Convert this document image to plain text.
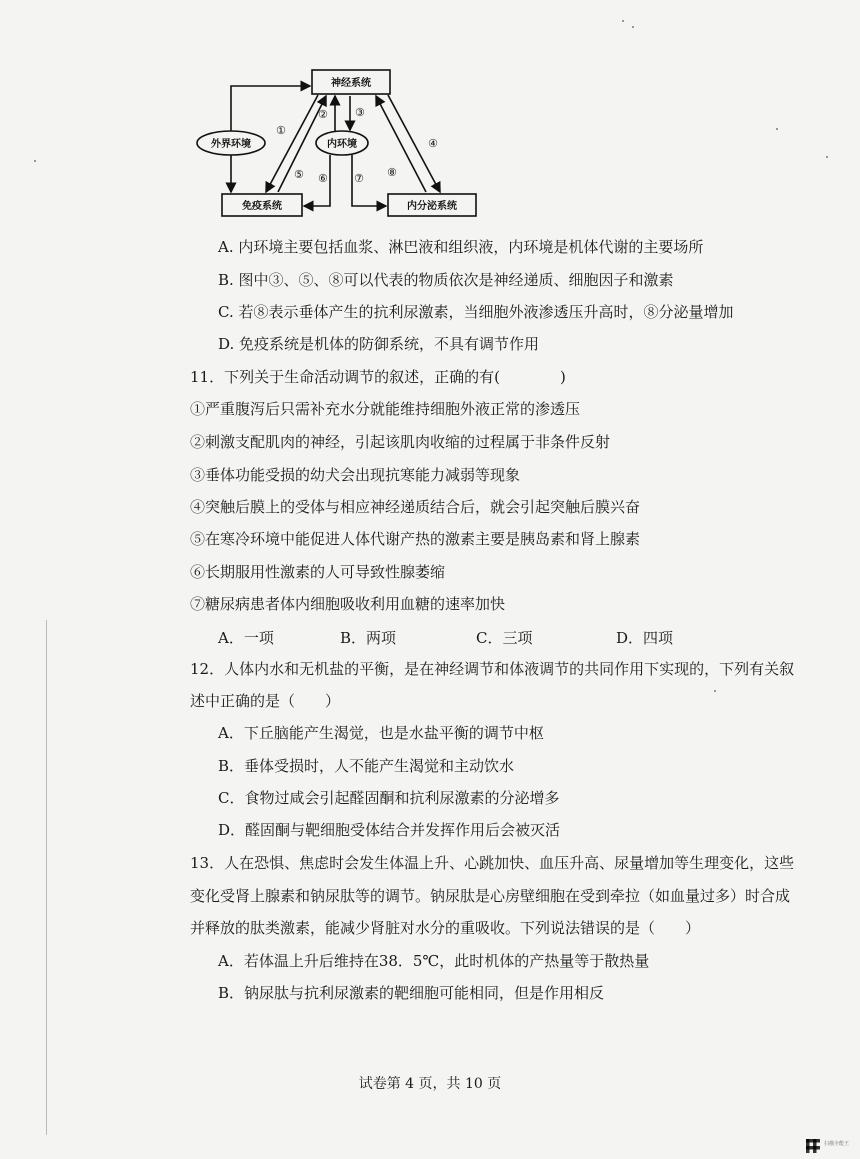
神经系统
外界环境	内环境
免疫系统	内分泌系统
①
② ③
④
⑤ ⑥ ⑦ ⑧
A. 内环境主要包括血浆、淋巴液和组织液，内环境是机体代谢的主要场所
B. 图中③、⑤、⑧可以代表的物质依次是神经递质、细胞因子和激素
C. 若⑧表示垂体产生的抗利尿激素，当细胞外液渗透压升高时，⑧分泌量增加
D. 免疫系统是机体的防御系统，不具有调节作用
11．下列关于生命活动调节的叙述，正确的有(　　　　)
①严重腹泻后只需补充水分就能维持细胞外液正常的渗透压
②刺激支配肌肉的神经，引起该肌肉收缩的过程属于非条件反射
③垂体功能受损的幼犬会出现抗寒能力减弱等现象
④突触后膜上的受体与相应神经递质结合后，就会引起突触后膜兴奋
⑤在寒冷环境中能促进人体代谢产热的激素主要是胰岛素和肾上腺素
⑥长期服用性激素的人可导致性腺萎缩
⑦糖尿病患者体内细胞吸收利用血糖的速率加快
A．一项	B．两项	C．三项	D．四项
12．人体内水和无机盐的平衡，是在神经调节和体液调节的共同作用下实现的，下列有关叙
述中正确的是（　　）
A．下丘脑能产生渴觉，也是水盐平衡的调节中枢
B．垂体受损时，人不能产生渴觉和主动饮水
C．食物过咸会引起醛固酮和抗利尿激素的分泌增多
D．醛固酮与靶细胞受体结合并发挥作用后会被灭活
13．人在恐惧、焦虑时会发生体温上升、心跳加快、血压升高、尿量增加等生理变化，这些
变化受肾上腺素和钠尿肽等的调节。钠尿肽是心房壁细胞在受到牵拉（如血量过多）时合成
并释放的肽类激素，能减少肾脏对水分的重吸收。下列说法错误的是（　　）
A．若体温上升后维持在38．5℃，此时机体的产热量等于散热量
B．钠尿肽与抗利尿激素的靶细胞可能相同，但是作用相反
试卷第 4 页，共 10 页
扫描全能王
